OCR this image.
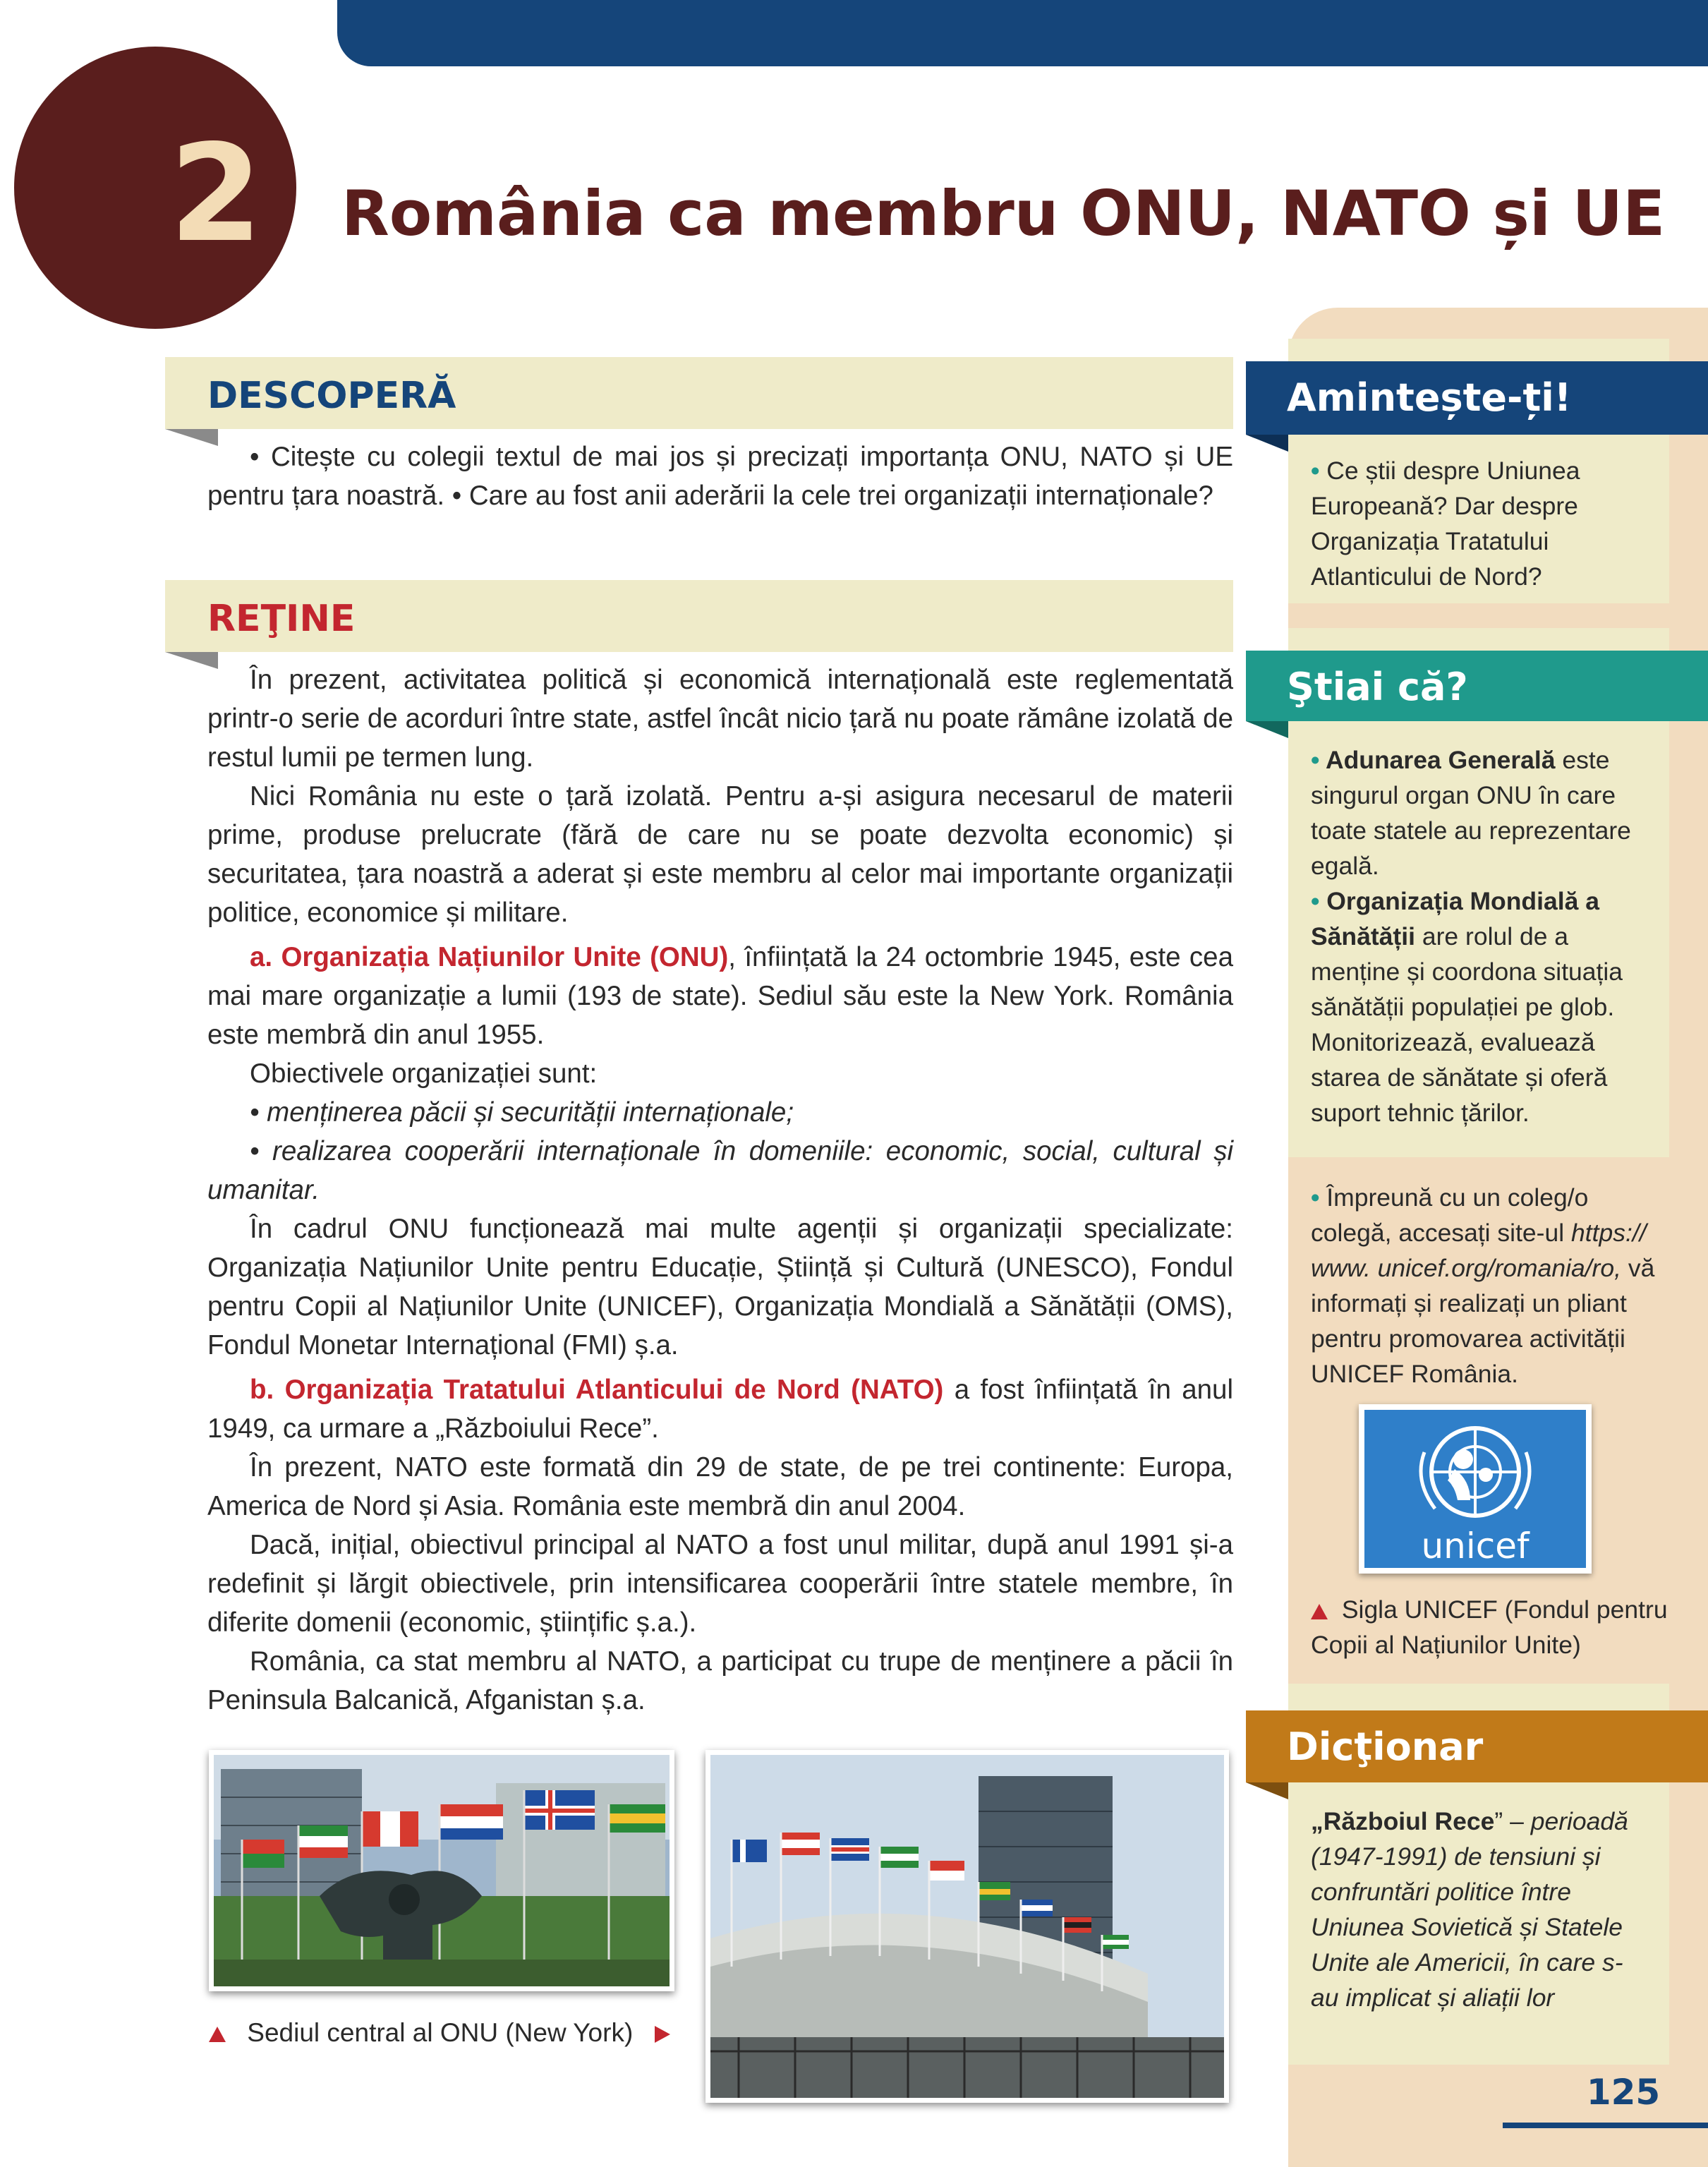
2	România ca membru ONU, NATO și UE
DESCOPERĂ
• Citește cu colegii textul de mai jos și precizați importanța ONU, NATO și UE pentru țara noastră. • Care au fost anii aderării la cele trei organizații internaționale?
REŢINE

În prezent, activitatea politică și economică internațională este reglementată printr-o serie de acorduri între state, astfel încât nicio țară nu poate rămâne izolată de restul lumii pe termen lung.

Nici România nu este o țară izolată. Pentru a-și asigura necesarul de materii prime, produse prelucrate (fără de care nu se poate dezvolta economic) și securitatea, țara noastră a aderat și este membru al celor mai importante organizații politice, economice și militare.

a. Organizația Națiunilor Unite (ONU), înființată la 24 octombrie 1945, este cea mai mare organizație a lumii (193 de state). Sediul său este la New York. România este membră din anul 1955.

Obiectivele organizației sunt:

• menținerea păcii și securității internaționale;

• realizarea cooperării internaționale în domeniile: economic, social, cultural și umanitar.

În cadrul ONU funcționează mai multe agenții și organizații specializate: Organizația Națiunilor Unite pentru Educație, Știință și Cultură (UNESCO), Fondul pentru Copii al Națiunilor Unite (UNICEF), Organizația Mondială a Sănătății (OMS), Fondul Monetar Internațional (FMI) ș.a.

b. Organizația Tratatului Atlanticului de Nord (NATO) a fost înființată în anul 1949, ca urmare a „Războiului Rece”.

În prezent, NATO este formată din 29 de state, de pe trei continente: Europa, America de Nord și Asia. România este membră din anul 2004.

Dacă, inițial, obiectivul principal al NATO a fost unul militar, după anul 1991 și-a redefinit și lărgit obiectivele, prin intensificarea cooperării între statele membre, în diferite domenii (economic, științific ș.a.).

România, ca stat membru al NATO, a participat cu trupe de menținere a păcii în Peninsula Balcanică, Afganistan ș.a.

Sediul central al ONU (New York)
Amintește-ți!

• Ce știi despre Uniunea Europeană? Dar despre Organizația Tratatului Atlanticului de Nord?

Ştiai că?

• Adunarea Generală este singurul organ ONU în care toate statele au reprezentare egală.

• Organizația Mondială a Sănătății are rolul de a menține și coordona situația sănătății populației pe glob. Monitorizează, evaluează starea de sănătate și oferă suport tehnic țărilor.

• Împreună cu un coleg/o colegă, accesați site-ul https:// www. unicef.org/romania/ro, vă informați și realizați un pliant pentru promovarea activității UNICEF România.

unicef
Sigla UNICEF (Fondul pentru Copii al Națiunilor Unite)
Dicţionar

„Războiul Rece” – perioadă (1947-1991) de tensiuni și confruntări politice între Uniunea Sovietică și Statele Unite ale Americii, în care s-au implicat și aliații lor

125
